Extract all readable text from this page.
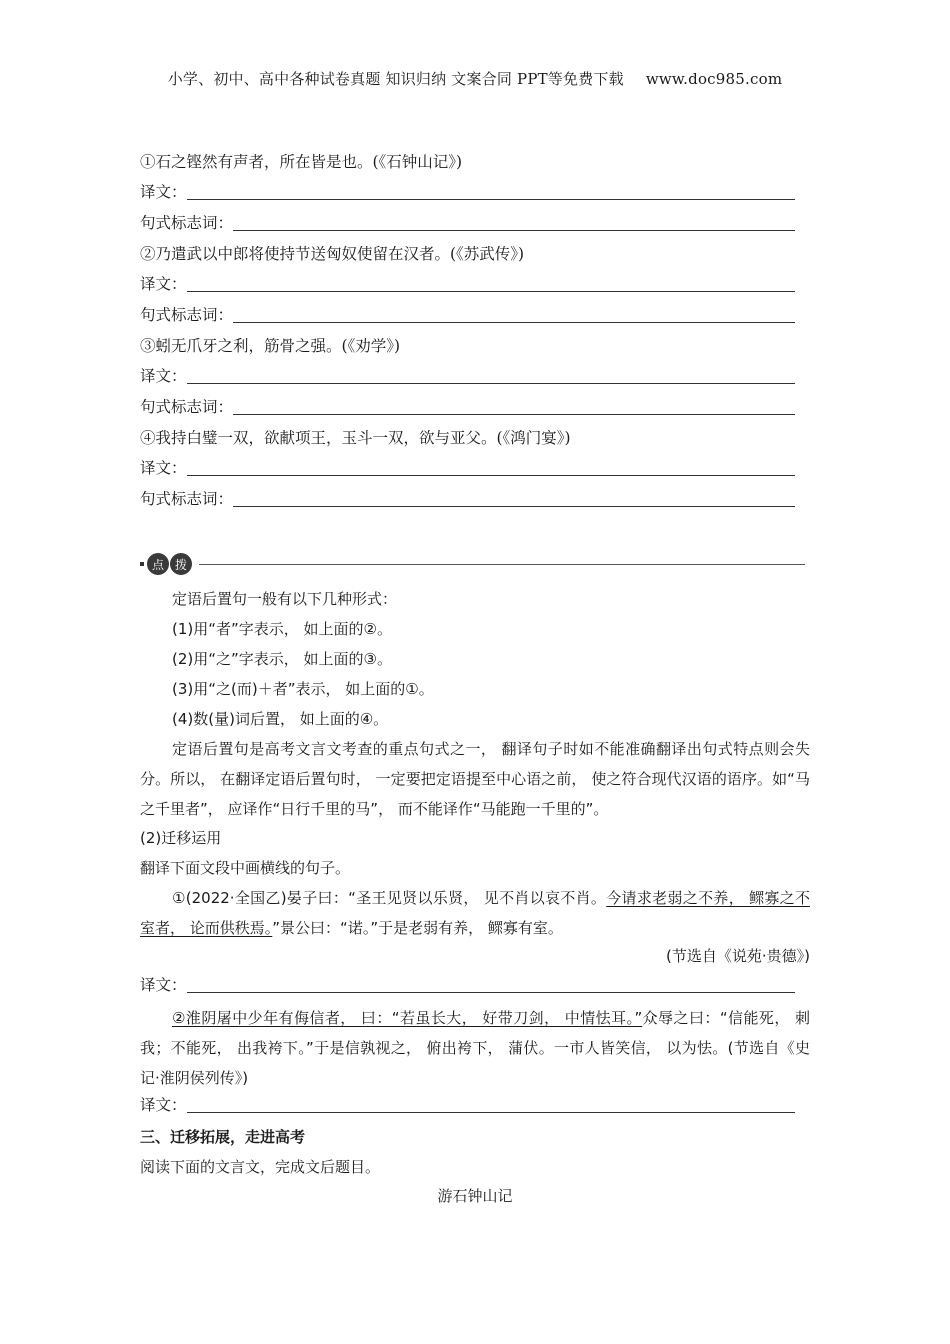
小学、初中、高中各种试卷真题 知识归纳 文案合同 PPT等免费下载 www.doc985.com
①石之铿然有声者，所在皆是也。(《石钟山记》)
译文：
句式标志词：
②乃遣武以中郎将使持节送匈奴使留在汉者。(《苏武传》)
译文：
句式标志词：
③蚓无爪牙之利，筋骨之强。(《劝学》)
译文：
句式标志词：
④我持白璧一双，欲献项王，玉斗一双，欲与亚父。(《鸿门宴》)
译文：
句式标志词：
点 拨
定语后置句一般有以下几种形式：
(1)用“者”字表示， 如上面的②。
(2)用“之”字表示， 如上面的③。
(3)用“之(而)＋者”表示， 如上面的①。
(4)数(量)词后置， 如上面的④。
定语后置句是高考文言文考查的重点句式之一， 翻译句子时如不能准确翻译出句式特点则会失分。所以， 在翻译定语后置句时， 一定要把定语提至中心语之前， 使之符合现代汉语的语序。如“马之千里者”， 应译作“日行千里的马”， 而不能译作“马能跑一千里的”。
(2)迁移运用
翻译下面文段中画横线的句子。
①(2022·全国乙)晏子曰：“圣王见贤以乐贤， 见不肖以哀不肖。今请求老弱之不养， 鳏寡之不室者， 论而供秩焉。”景公曰：“诺。”于是老弱有养， 鳏寡有室。
(节选自《说苑·贵德》)
译文：
②淮阴屠中少年有侮信者， 曰：“若虽长大， 好带刀剑， 中情怯耳。”众辱之曰：“信能死， 刺我；不能死， 出我袴下。”于是信孰视之， 俯出袴下， 蒲伏。一市人皆笑信， 以为怯。(节选自《史记·淮阴侯列传》)
译文：
三、迁移拓展，走进高考
阅读下面的文言文，完成文后题目。
游石钟山记
